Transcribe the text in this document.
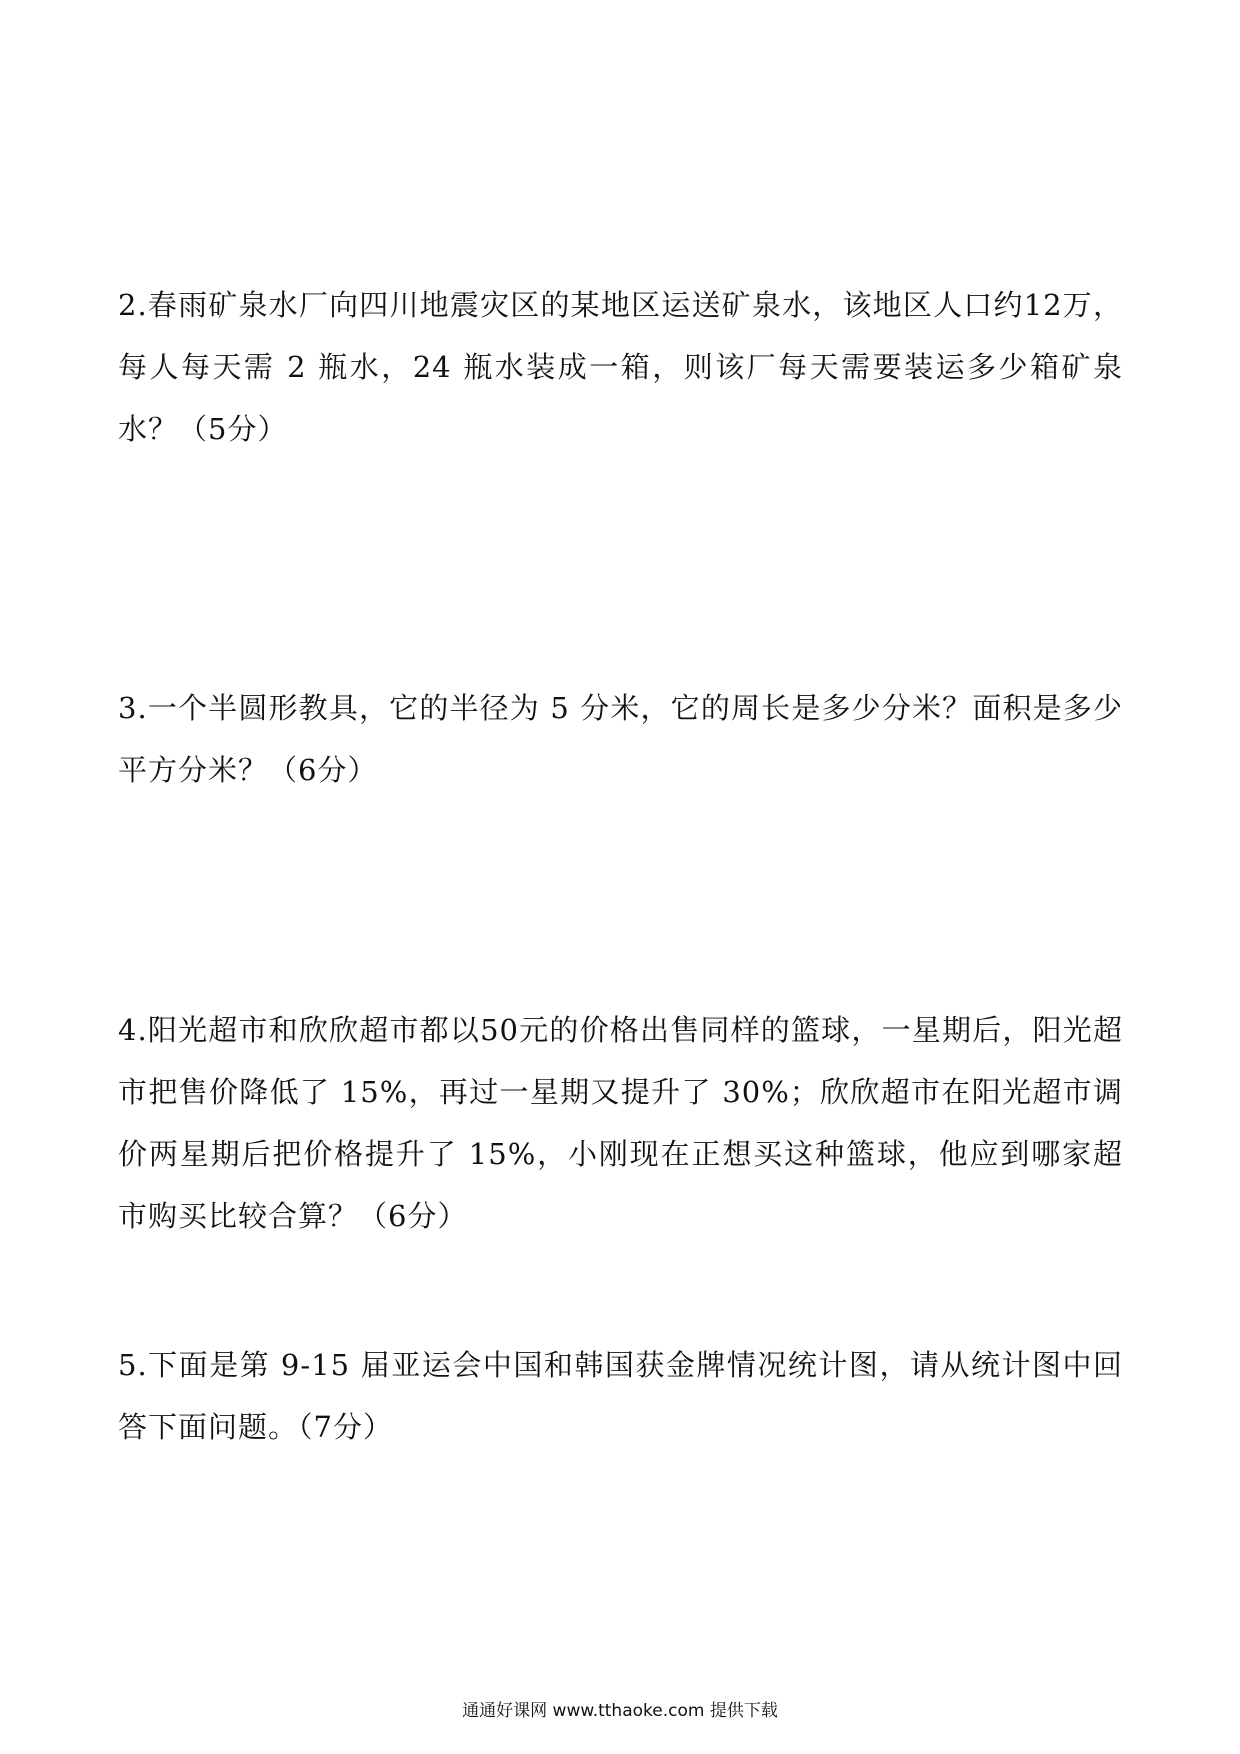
2.春雨矿泉水厂向四川地震灾区的某地区运送矿泉水，该地区人口约12万，每人每天需 2 瓶水，24 瓶水装成一箱，则该厂每天需要装运多少箱矿泉水？（5分）

3.一个半圆形教具，它的半径为 5 分米，它的周长是多少分米？面积是多少平方分米？（6分）

4.阳光超市和欣欣超市都以50元的价格出售同样的篮球，一星期后，阳光超市把售价降低了 15%，再过一星期又提升了 30%；欣欣超市在阳光超市调价两星期后把价格提升了 15%，小刚现在正想买这种篮球，他应到哪家超市购买比较合算？（6分）

5.下面是第 9-15 届亚运会中国和韩国获金牌情况统计图，请从统计图中回答下面问题。（7分）

通通好课网 www.tthaoke.com 提供下载
